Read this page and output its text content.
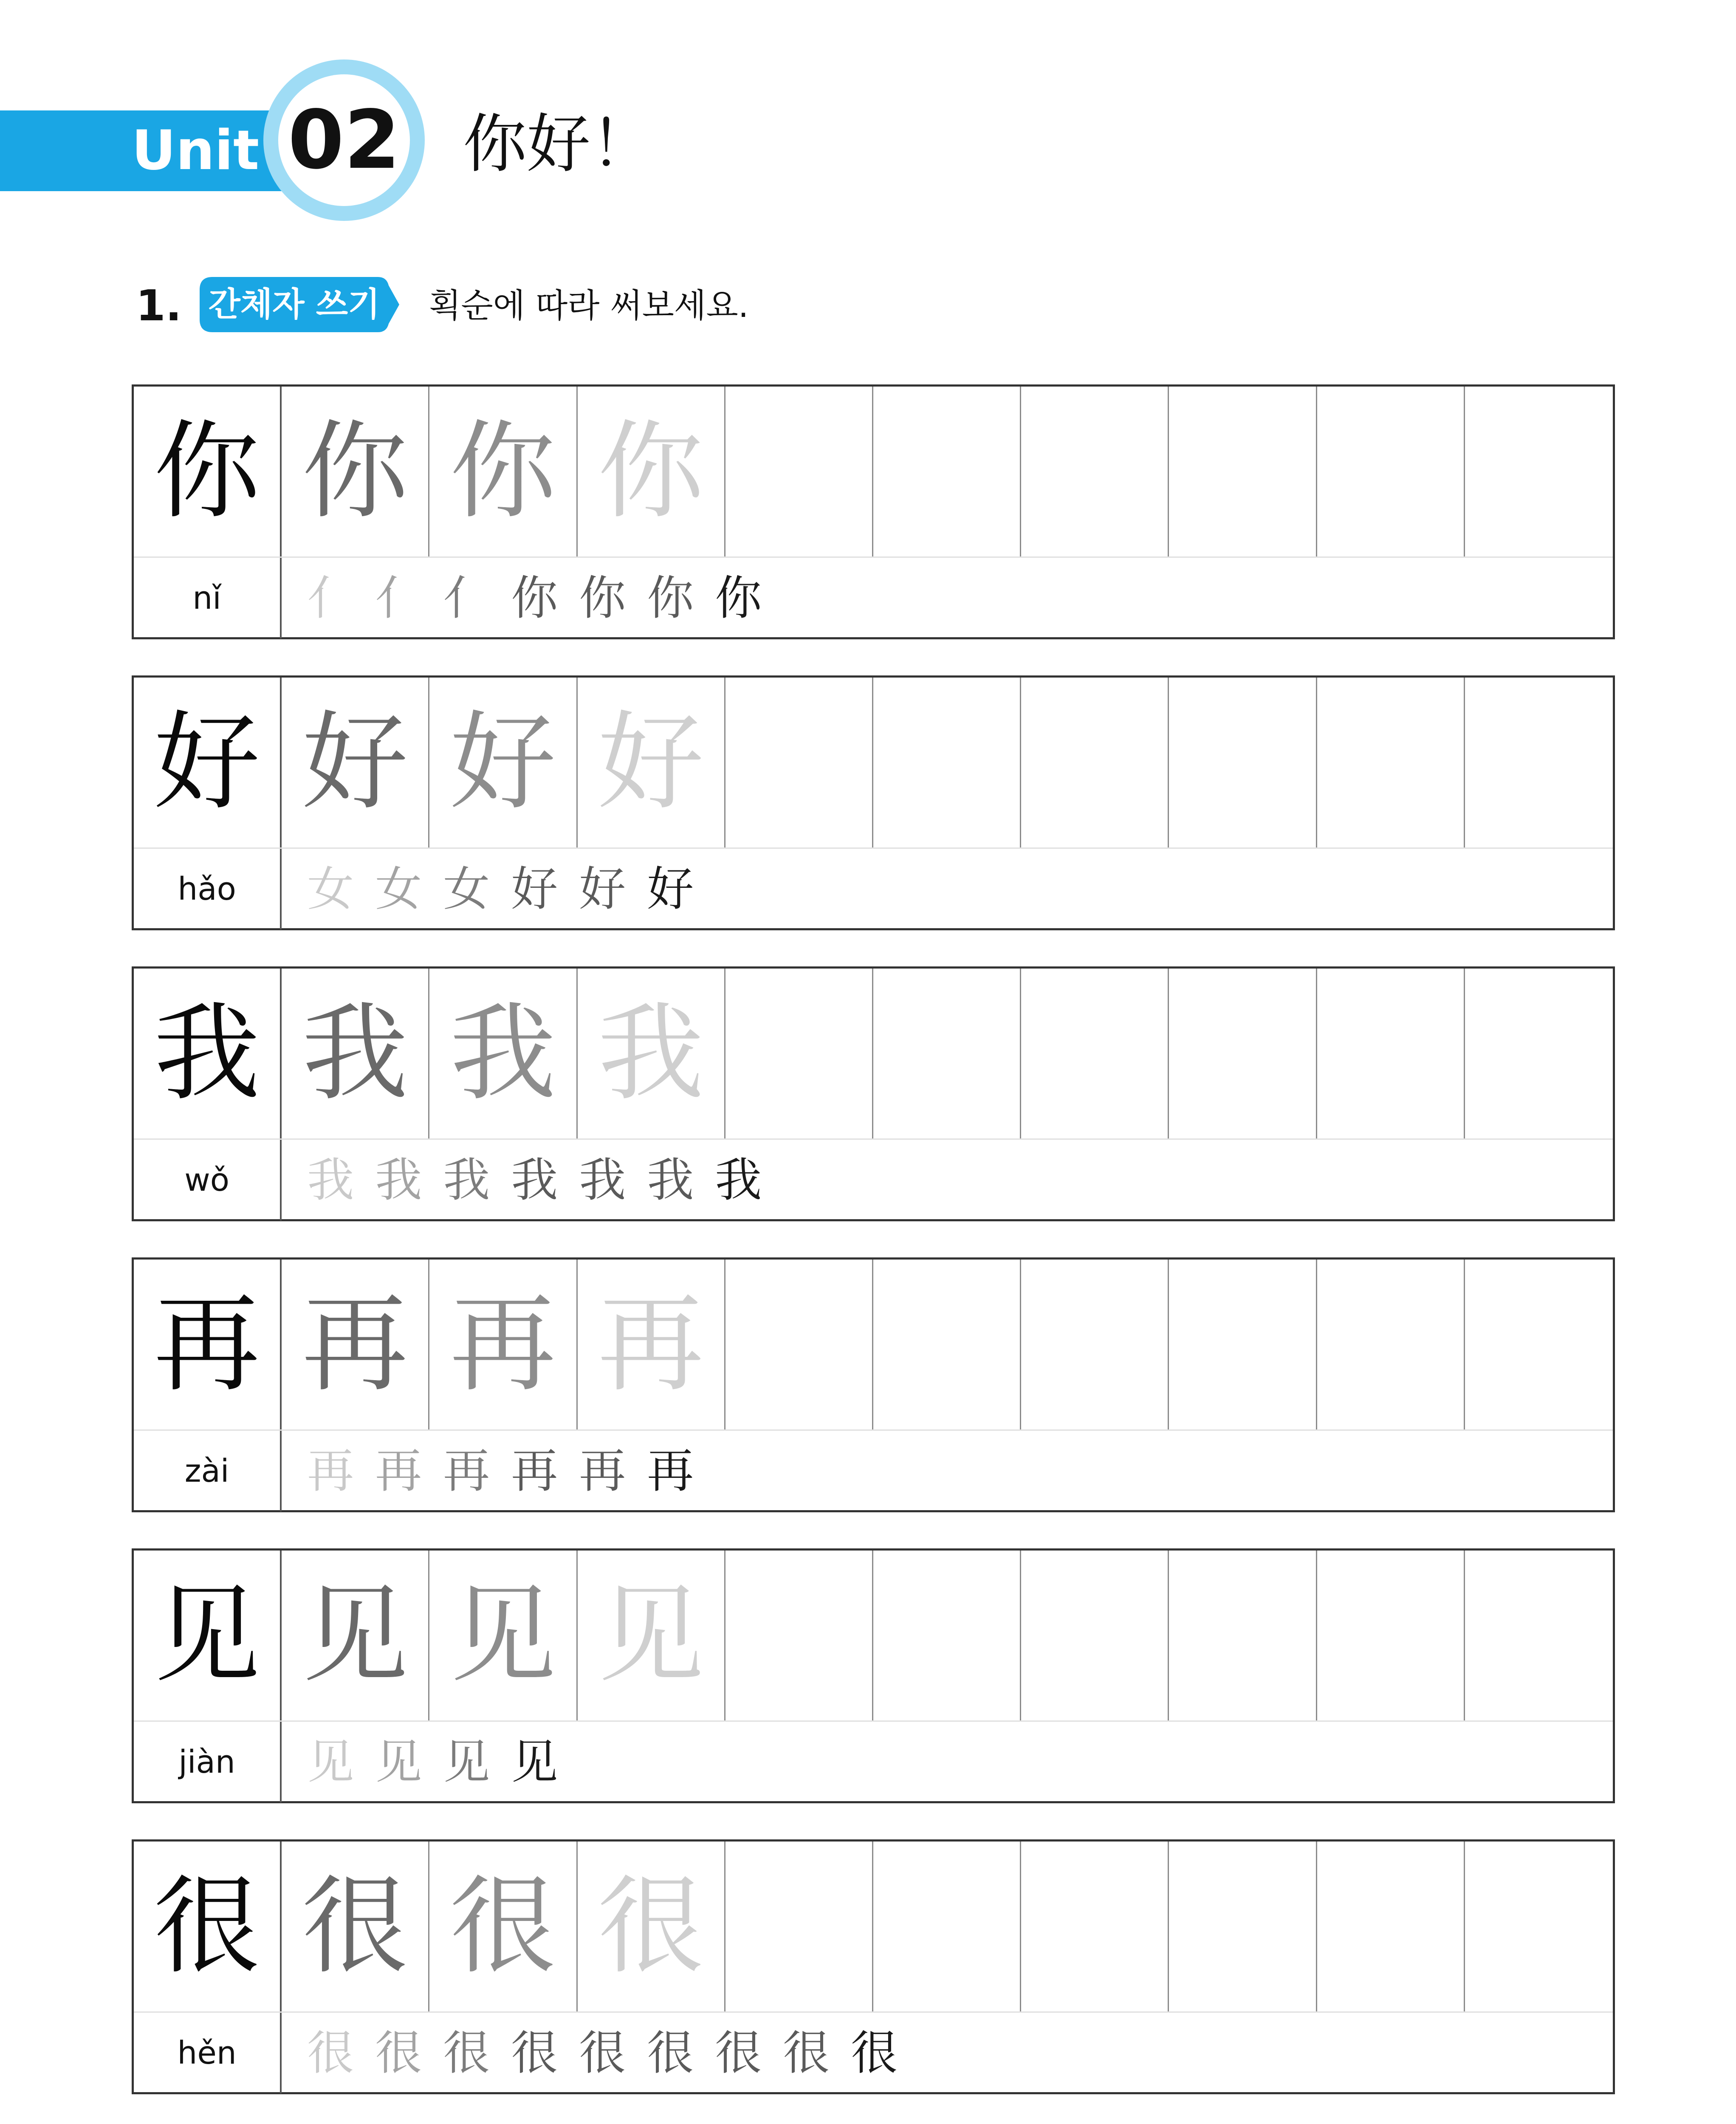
Unit 02 你好！
1. 간체자 쓰기 획순에 따라 써보세요.
你 你 你 你
nǐ	亻 亻 亻 你 你 你 你
好 好 好 好
hǎo	女 女 女 好 好 好
我 我 我 我
wǒ	我 我 我 我 我 我 我
再 再 再 再
zài	再 再 再 再 再 再
见 见 见 见
jiàn	见 见 见 见
很 很 很 很
hěn	很 很 很 很 很 很 很 很 很
